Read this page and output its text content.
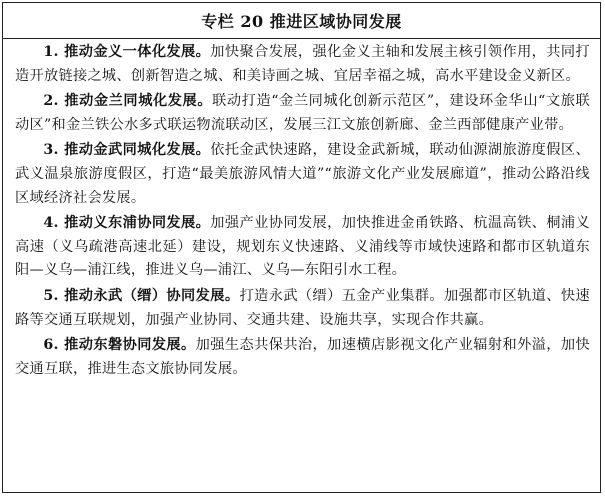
专栏 20 推进区域协同发展

1. 推动金义一体化发展。加快聚合发展，强化金义主轴和发展主核引领作用，共同打造开放链接之城、创新智造之城、和美诗画之城、宜居幸福之城，高水平建设金义新区。

2. 推动金兰同城化发展。联动打造“金兰同城化创新示范区”，建设环金华山“文旅联动区”和金兰铁公水多式联运物流联动区，发展三江文旅创新廊、金兰西部健康产业带。

3. 推动金武同城化发展。依托金武快速路，建设金武新城，联动仙源湖旅游度假区、武义温泉旅游度假区，打造“最美旅游风情大道”“旅游文化产业发展廊道”，推动公路沿线区域经济社会发展。

4. 推动义东浦协同发展。加强产业协同发展，加快推进金甬铁路、杭温高铁、桐浦义高速（义乌疏港高速北延）建设，规划东义快速路、义浦线等市域快速路和都市区轨道东阳—义乌—浦江线，推进义乌—浦江、义乌—东阳引水工程。

5. 推动永武（缙）协同发展。打造永武（缙）五金产业集群。加强都市区轨道、快速路等交通互联规划，加强产业协同、交通共建、设施共享，实现合作共赢。

6. 推动东磐协同发展。加强生态共保共治，加速横店影视文化产业辐射和外溢，加快交通互联，推进生态文旅协同发展。
